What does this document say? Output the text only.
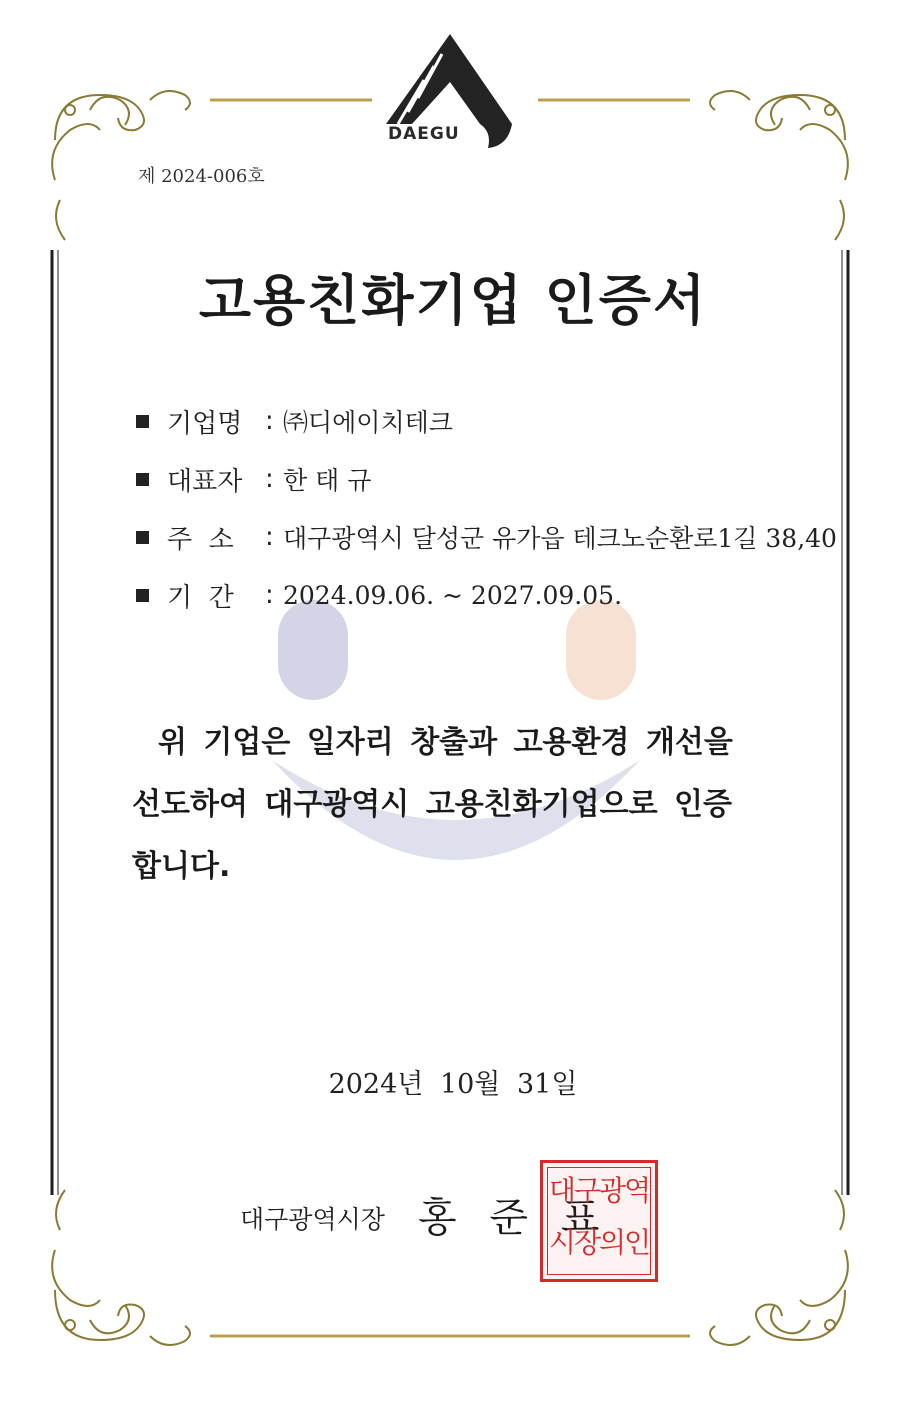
DAEGU
제 2024-006호
고용친화기업 인증서
기업명 : ㈜디에이치테크
대표자 : 한 태 규
주  소	: 대구광역시 달성군 유가읍 테크노순환로1길 38,40
기  간	: 2024.09.06. ~ 2027.09.05.
위 기업은 일자리 창출과 고용환경 개선을
선도하여 대구광역시 고용친화기업으로 인증
합니다.
2024년 10월 31일
대구광역시장 홍 준 표
대구광역
시장의인
